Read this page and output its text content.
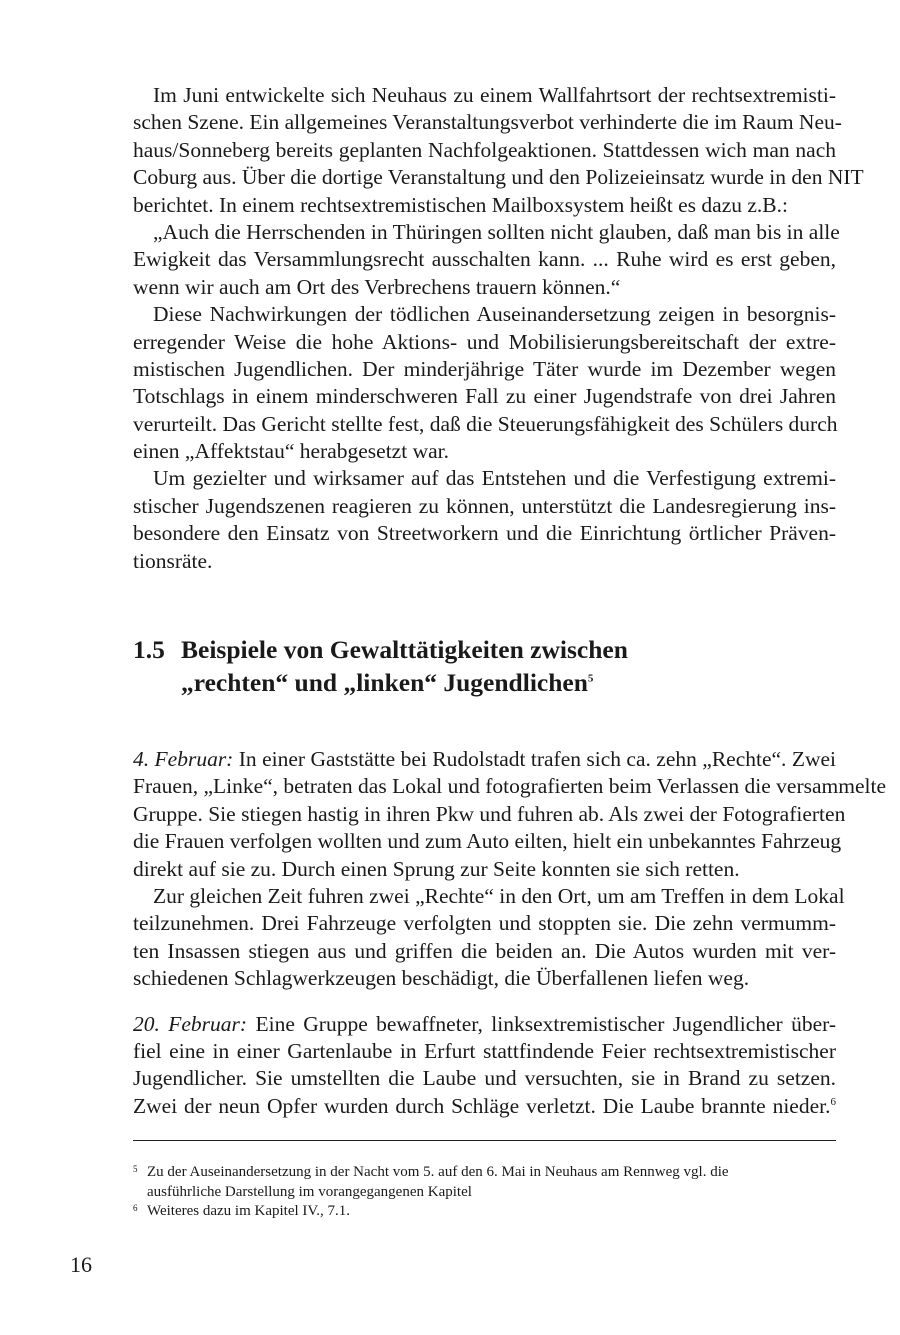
Im Juni entwickelte sich Neuhaus zu einem Wallfahrtsort der rechtsextremisti-
schen Szene. Ein allgemeines Veranstaltungsverbot verhinderte die im Raum Neu-
haus/Sonneberg bereits geplanten Nachfolgeaktionen. Stattdessen wich man nach
Coburg aus. Über die dortige Veranstaltung und den Polizeieinsatz wurde in den NIT
berichtet. In einem rechtsextremistischen Mailboxsystem heißt es dazu z.B.:
„Auch die Herrschenden in Thüringen sollten nicht glauben, daß man bis in alle
Ewigkeit das Versammlungsrecht ausschalten kann. ... Ruhe wird es erst geben,
wenn wir auch am Ort des Verbrechens trauern können.“
Diese Nachwirkungen der tödlichen Auseinandersetzung zeigen in besorgnis-
erregender Weise die hohe Aktions- und Mobilisierungsbereitschaft der extre-
mistischen Jugendlichen. Der minderjährige Täter wurde im Dezember wegen
Totschlags in einem minderschweren Fall zu einer Jugendstrafe von drei Jahren
verurteilt. Das Gericht stellte fest, daß die Steuerungsfähigkeit des Schülers durch
einen „Affektstau“ herabgesetzt war.
Um gezielter und wirksamer auf das Entstehen und die Verfestigung extremi-
stischer Jugendszenen reagieren zu können, unterstützt die Landesregierung ins-
besondere den Einsatz von Streetworkern und die Einrichtung örtlicher Präven-
tionsräte.
1.5 Beispiele von Gewalttätigkeiten zwischen
„rechten“ und „linken“ Jugendlichen$^5$
4. Februar: In einer Gaststätte bei Rudolstadt trafen sich ca. zehn „Rechte“. Zwei
Frauen, „Linke“, betraten das Lokal und fotografierten beim Verlassen die versammelte
Gruppe. Sie stiegen hastig in ihren Pkw und fuhren ab. Als zwei der Fotografierten
die Frauen verfolgen wollten und zum Auto eilten, hielt ein unbekanntes Fahrzeug
direkt auf sie zu. Durch einen Sprung zur Seite konnten sie sich retten.
Zur gleichen Zeit fuhren zwei „Rechte“ in den Ort, um am Treffen in dem Lokal
teilzunehmen. Drei Fahrzeuge verfolgten und stoppten sie. Die zehn vermumm-
ten Insassen stiegen aus und griffen die beiden an. Die Autos wurden mit ver-
schiedenen Schlagwerkzeugen beschädigt, die Überfallenen liefen weg.
20. Februar: Eine Gruppe bewaffneter, linksextremistischer Jugendlicher über-
fiel eine in einer Gartenlaube in Erfurt stattfindende Feier rechtsextremistischer
Jugendlicher. Sie umstellten die Laube und versuchten, sie in Brand zu setzen.
Zwei der neun Opfer wurden durch Schläge verletzt. Die Laube brannte nieder.$^6$
5 Zu der Auseinandersetzung in der Nacht vom 5. auf den 6. Mai in Neuhaus am Rennweg vgl. die
ausführliche Darstellung im vorangegangenen Kapitel
6 Weiteres dazu im Kapitel IV., 7.1.
16
